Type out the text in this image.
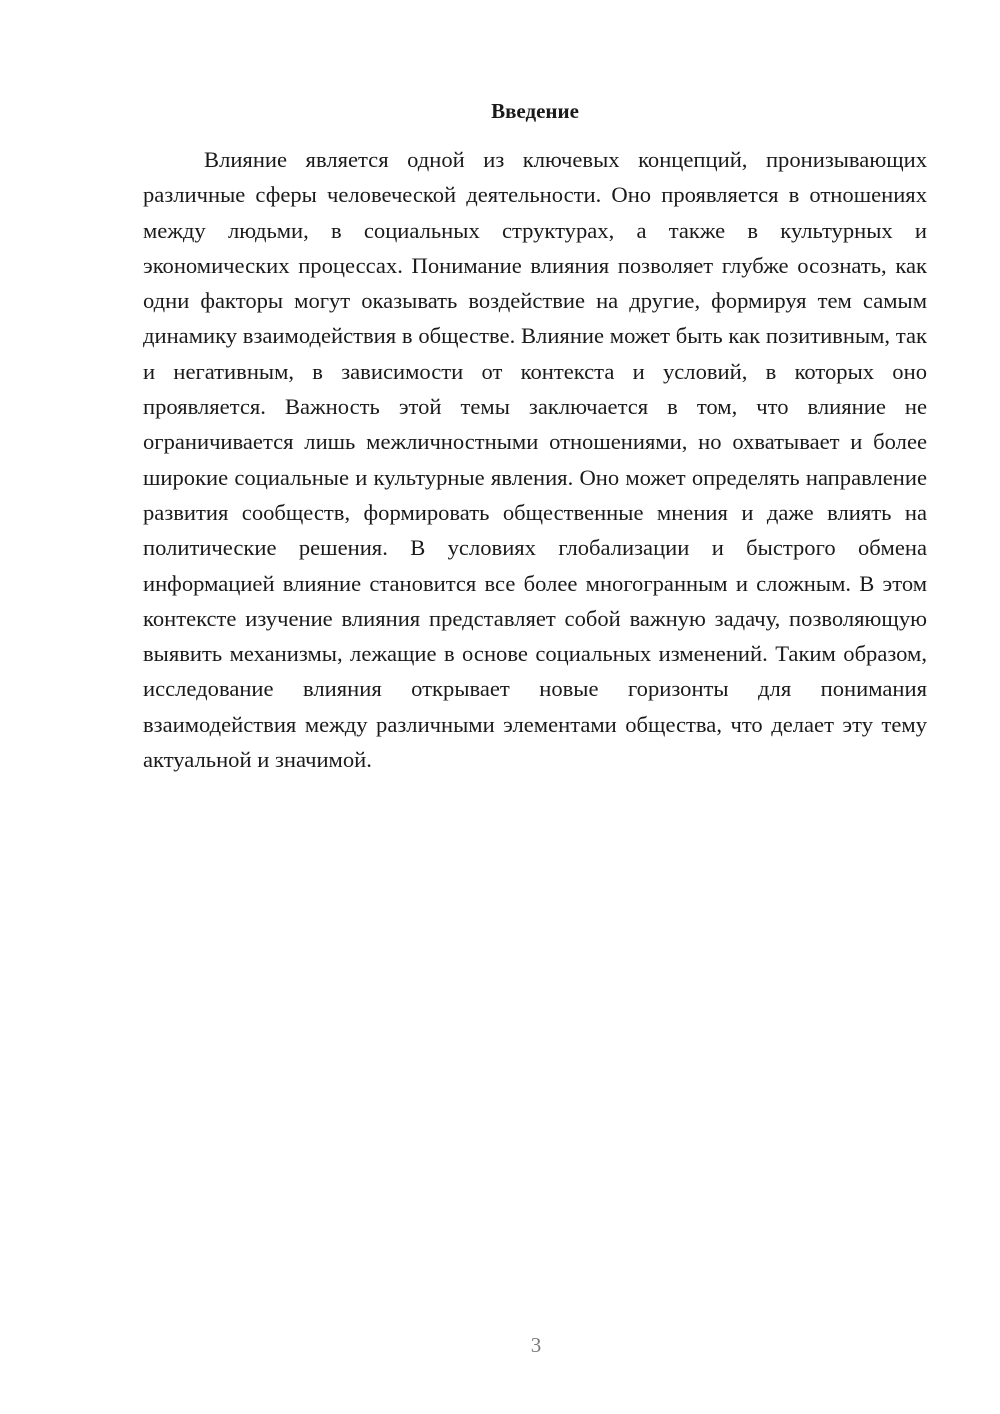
Введение

Влияние является одной из ключевых концепций, пронизывающих различные сферы человеческой деятельности. Оно проявляется в отношениях между людьми, в социальных структурах, а также в культурных и экономических процессах. Понимание влияния позволяет глубже осознать, как одни факторы могут оказывать воздействие на другие, формируя тем самым динамику взаимодействия в обществе. Влияние может быть как позитивным, так и негативным, в зависимости от контекста и условий, в которых оно проявляется. Важность этой темы заключается в том, что влияние не ограничивается лишь межличностными отношениями, но охватывает и более широкие социальные и культурные явления. Оно может определять направление развития сообществ, формировать общественные мнения и даже влиять на политические решения. В условиях глобализации и быстрого обмена информацией влияние становится все более многогранным и сложным. В этом контексте изучение влияния представляет собой важную задачу, позволяющую выявить механизмы, лежащие в основе социальных изменений. Таким образом, исследование влияния открывает новые горизонты для понимания взаимодействия между различными элементами общества, что делает эту тему актуальной и значимой.

3
